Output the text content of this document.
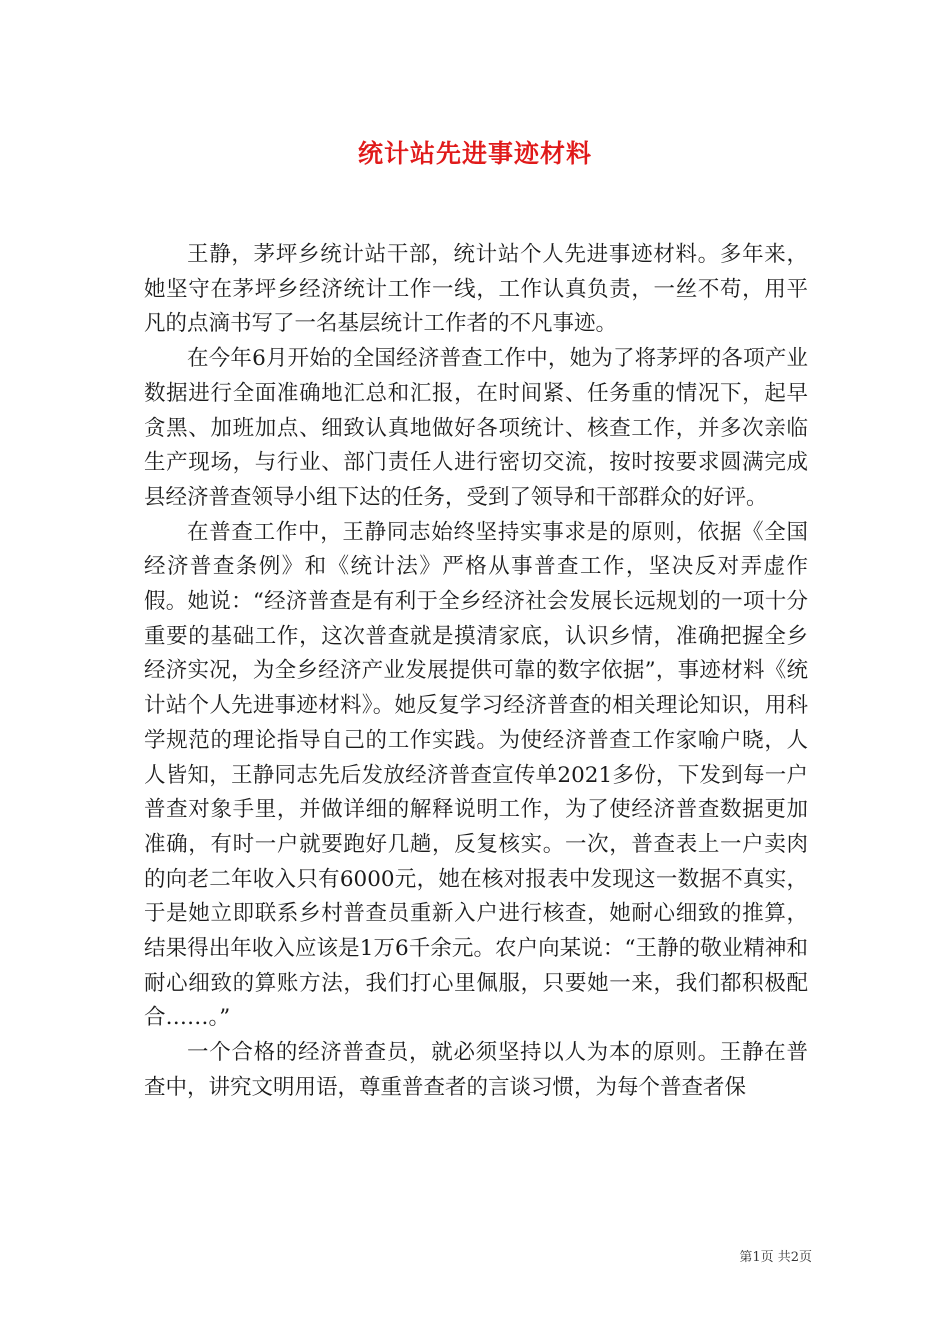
统计站先进事迹材料

王静，茅坪乡统计站干部，统计站个人先进事迹材料。多年来，她坚守在茅坪乡经济统计工作一线，工作认真负责，一丝不苟，用平凡的点滴书写了一名基层统计工作者的不凡事迹。

在今年6月开始的全国经济普查工作中，她为了将茅坪的各项产业数据进行全面准确地汇总和汇报，在时间紧、任务重的情况下，起早贪黑、加班加点、细致认真地做好各项统计、核查工作，并多次亲临生产现场，与行业、部门责任人进行密切交流，按时按要求圆满完成县经济普查领导小组下达的任务，受到了领导和干部群众的好评。

在普查工作中，王静同志始终坚持实事求是的原则，依据《全国经济普查条例》和《统计法》严格从事普查工作，坚决反对弄虚作假。她说：“经济普查是有利于全乡经济社会发展长远规划的一项十分重要的基础工作，这次普查就是摸清家底，认识乡情，准确把握全乡经济实况，为全乡经济产业发展提供可靠的数字依据”，事迹材料《统计站个人先进事迹材料》。她反复学习经济普查的相关理论知识，用科学规范的理论指导自己的工作实践。为使经济普查工作家喻户晓，人人皆知，王静同志先后发放经济普查宣传单2021多份，下发到每一户普查对象手里，并做详细的解释说明工作，为了使经济普查数据更加准确，有时一户就要跑好几趟，反复核实。一次，普查表上一户卖肉的向老二年收入只有6000元，她在核对报表中发现这一数据不真实，于是她立即联系乡村普查员重新入户进行核查，她耐心细致的推算，结果得出年收入应该是1万6千余元。农户向某说：“王静的敬业精神和耐心细致的算账方法，我们打心里佩服，只要她一来，我们都积极配合……。”

一个合格的经济普查员，就必须坚持以人为本的原则。王静在普查中，讲究文明用语，尊重普查者的言谈习惯，为每个普查者保

第1页 共2页
